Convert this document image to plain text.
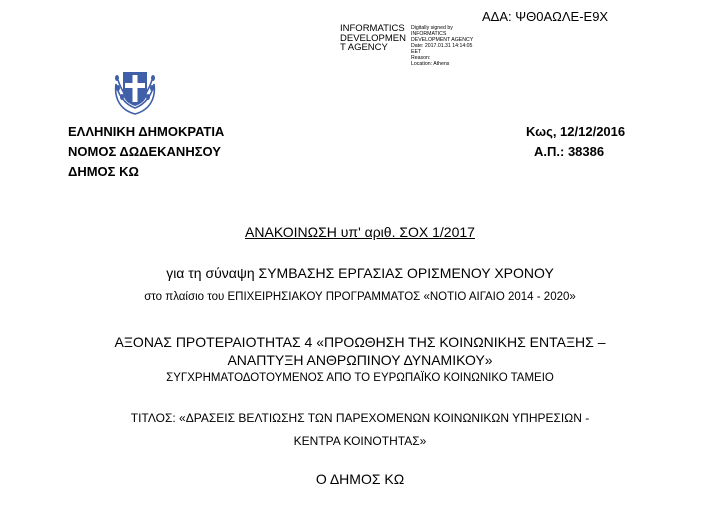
ΑΔΑ: ΨΘ0ΑΩΛΕ-Ε9Χ
INFORMATICS
DEVELOPMEN
T AGENCY
Digitally signed by
INFORMATICS
DEVELOPMENT AGENCY
Date: 2017.01.31 14:14:05
EET
Reason:
Location: Athens
ΕΛΛΗΝΙΚΗ ΔΗΜΟΚΡΑΤΙΑ
ΝΟΜΟΣ ΔΩΔΕΚΑΝΗΣΟΥ
ΔΗΜΟΣ ΚΩ
Κως, 12/12/2016
Α.Π.: 38386
ΑΝΑΚΟΙΝΩΣΗ υπ' αριθ. ΣΟΧ 1/2017
για τη σύναψη ΣΥΜΒΑΣΗΣ ΕΡΓΑΣΙΑΣ ΟΡΙΣΜΕΝΟΥ ΧΡΟΝΟΥ
στο πλαίσιο του ΕΠΙΧΕΙΡΗΣΙΑΚΟΥ ΠΡΟΓΡΑΜΜΑΤΟΣ «ΝΟΤΙΟ ΑΙΓΑΙΟ 2014 - 2020»
ΑΞΟΝΑΣ ΠΡΟΤΕΡΑΙΟΤΗΤΑΣ 4 «ΠΡΟΩΘΗΣΗ ΤΗΣ ΚΟΙΝΩΝΙΚΗΣ ΕΝΤΑΞΗΣ –
ΑΝΑΠΤΥΞΗ ΑΝΘΡΩΠΙΝΟΥ ΔΥΝΑΜΙΚΟΥ»
ΣΥΓΧΡΗΜΑΤΟΔΟΤΟΥΜΕΝΟΣ ΑΠΟ ΤΟ ΕΥΡΩΠΑΪΚΟ ΚΟΙΝΩΝΙΚΟ ΤΑΜΕΙΟ
ΤΙΤΛΟΣ: «ΔΡΑΣΕΙΣ ΒΕΛΤΙΩΣΗΣ ΤΩΝ ΠΑΡΕΧΟΜΕΝΩΝ ΚΟΙΝΩΝΙΚΩΝ ΥΠΗΡΕΣΙΩΝ -
ΚΕΝΤΡΑ ΚΟΙΝΟΤΗΤΑΣ»
Ο ΔΗΜΟΣ ΚΩ
